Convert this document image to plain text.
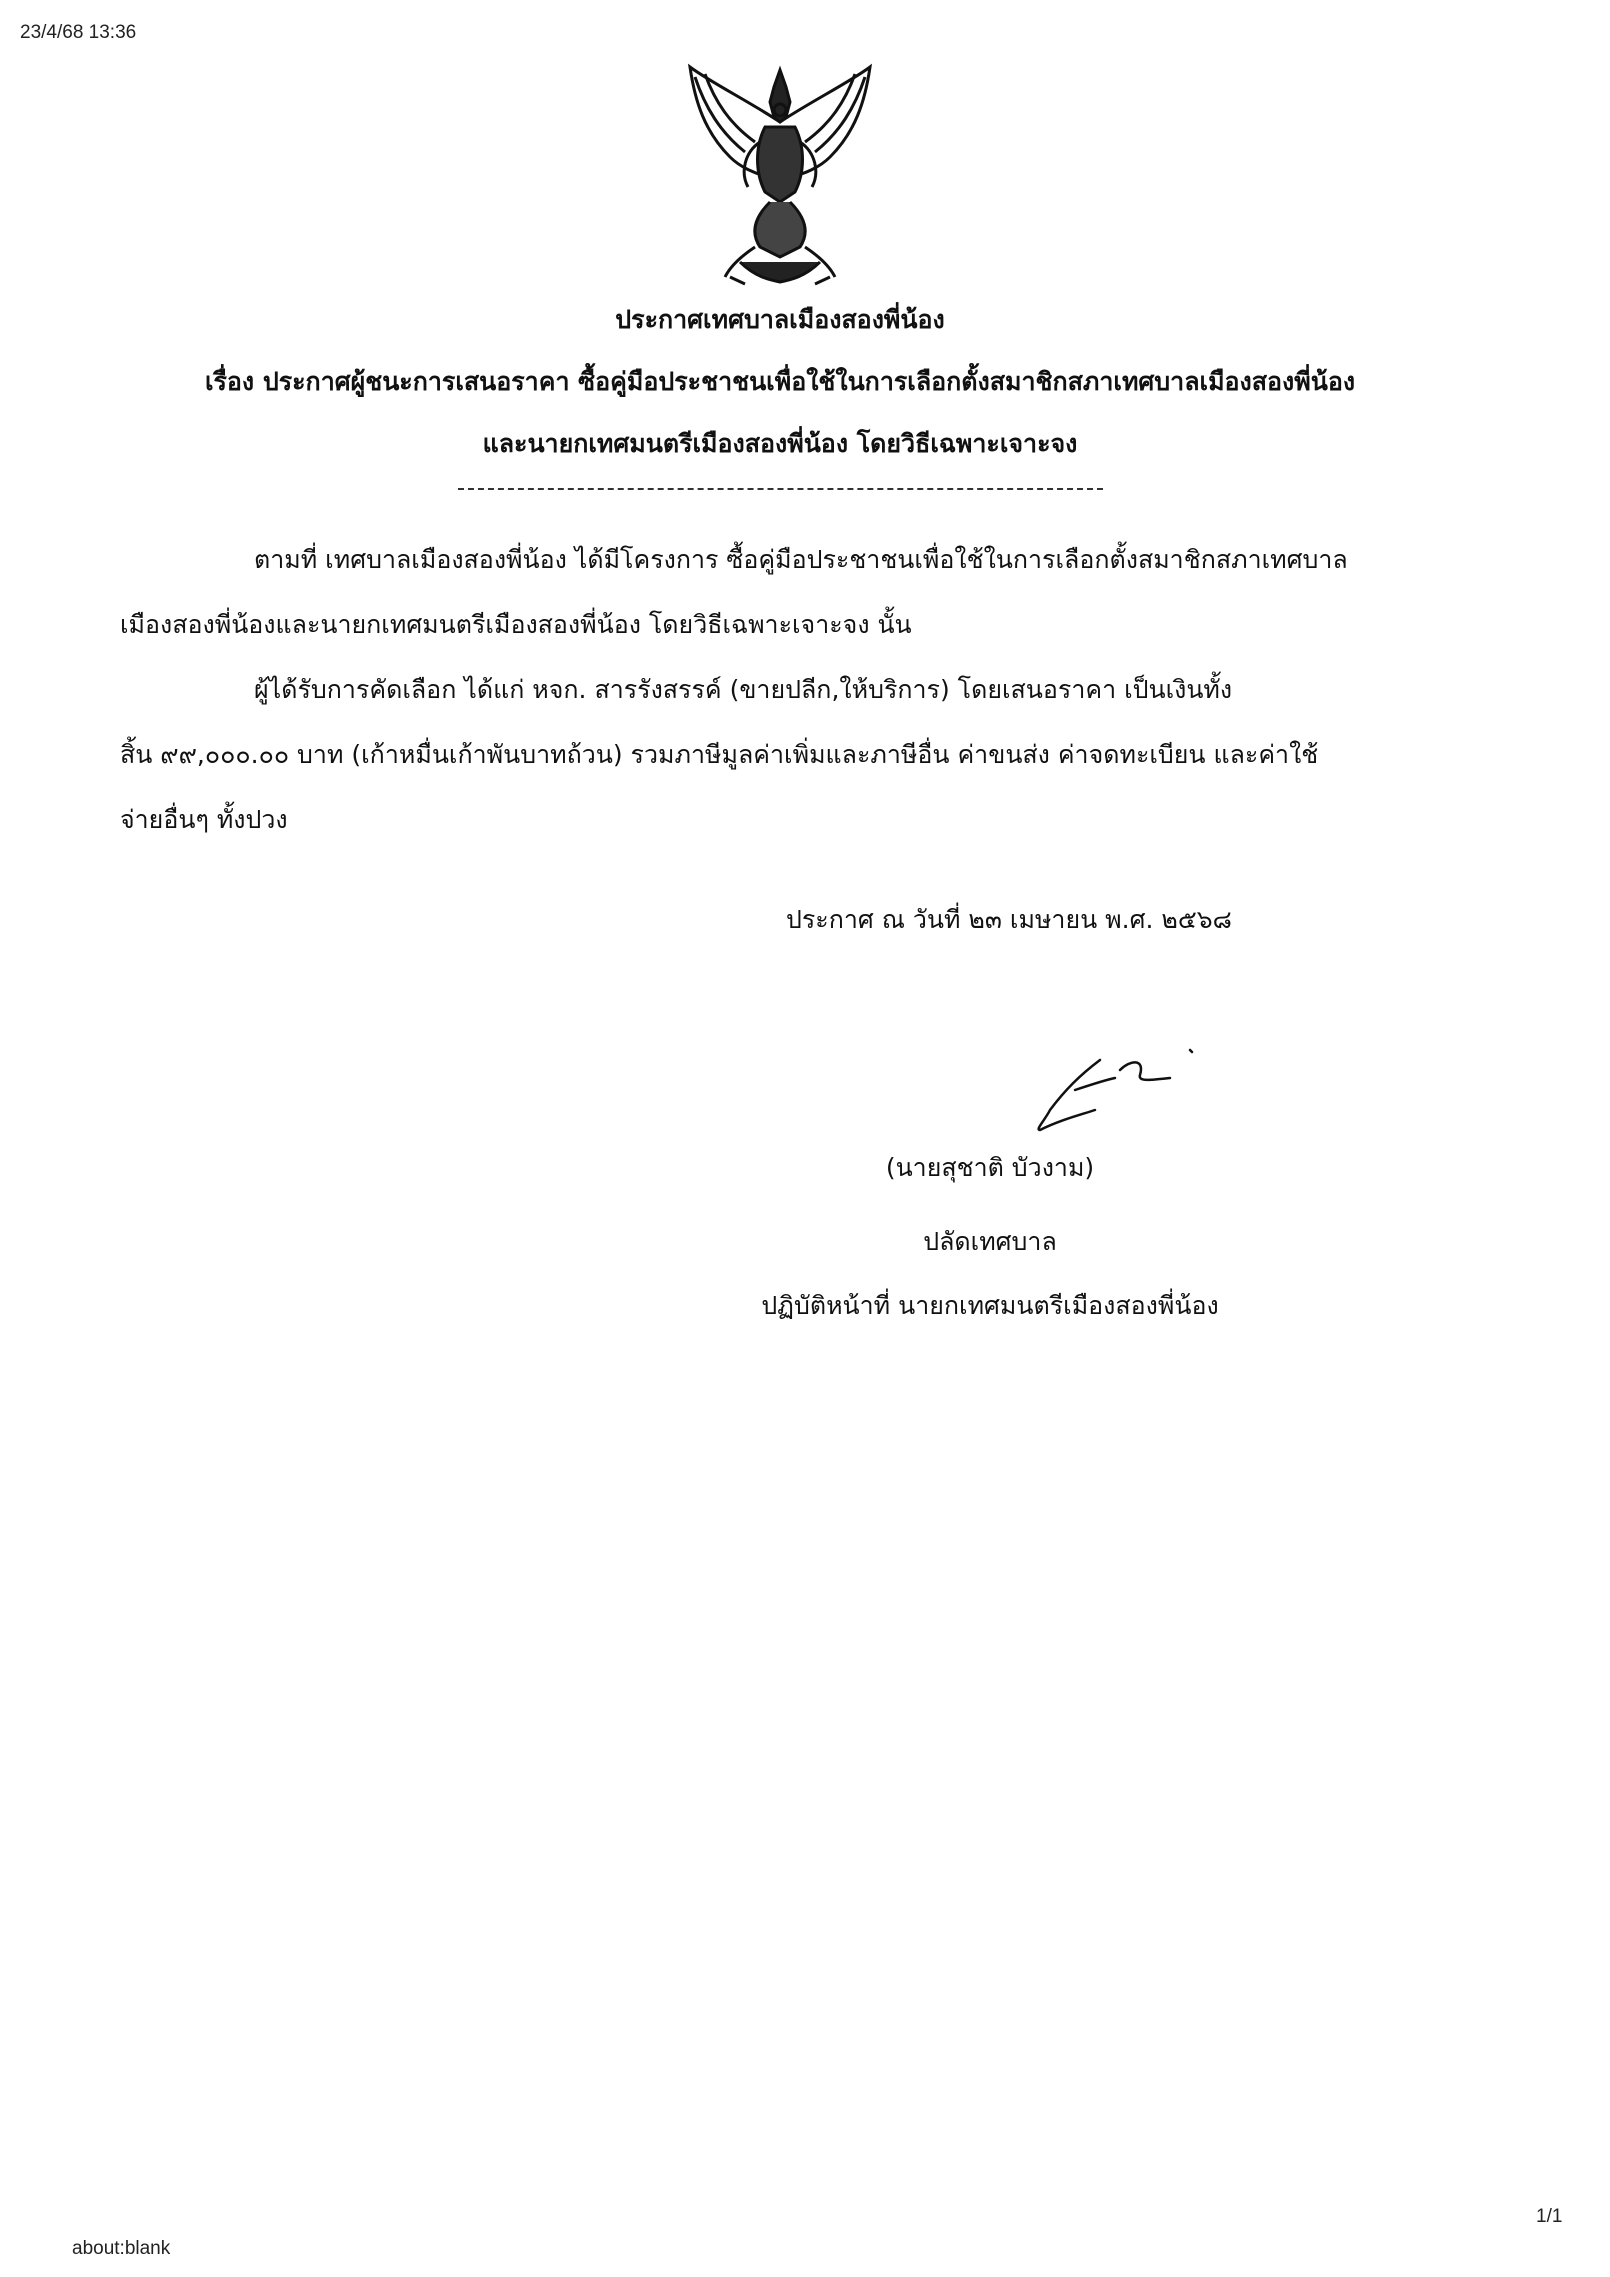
23/4/68 13:36
ประกาศเทศบาลเมืองสองพี่น้อง
เรื่อง ประกาศผู้ชนะการเสนอราคา ซื้อคู่มือประชาชนเพื่อใช้ในการเลือกตั้งสมาชิกสภาเทศบาลเมืองสองพี่น้อง
และนายกเทศมนตรีเมืองสองพี่น้อง โดยวิธีเฉพาะเจาะจง
ตามที่ เทศบาลเมืองสองพี่น้อง ได้มีโครงการ ซื้อคู่มือประชาชนเพื่อใช้ในการเลือกตั้งสมาชิกสภาเทศบาล
เมืองสองพี่น้องและนายกเทศมนตรีเมืองสองพี่น้อง โดยวิธีเฉพาะเจาะจง นั้น
ผู้ได้รับการคัดเลือก ได้แก่ หจก. สารรังสรรค์ (ขายปลีก,ให้บริการ) โดยเสนอราคา เป็นเงินทั้ง
สิ้น ๙๙,๐๐๐.๐๐ บาท (เก้าหมื่นเก้าพันบาทถ้วน) รวมภาษีมูลค่าเพิ่มและภาษีอื่น ค่าขนส่ง ค่าจดทะเบียน และค่าใช้
จ่ายอื่นๆ ทั้งปวง
ประกาศ ณ วันที่ ๒๓ เมษายน พ.ศ. ๒๕๖๘
(นายสุชาติ บัวงาม)
ปลัดเทศบาล
ปฏิบัติหน้าที่ นายกเทศมนตรีเมืองสองพี่น้อง
about:blank
1/1
